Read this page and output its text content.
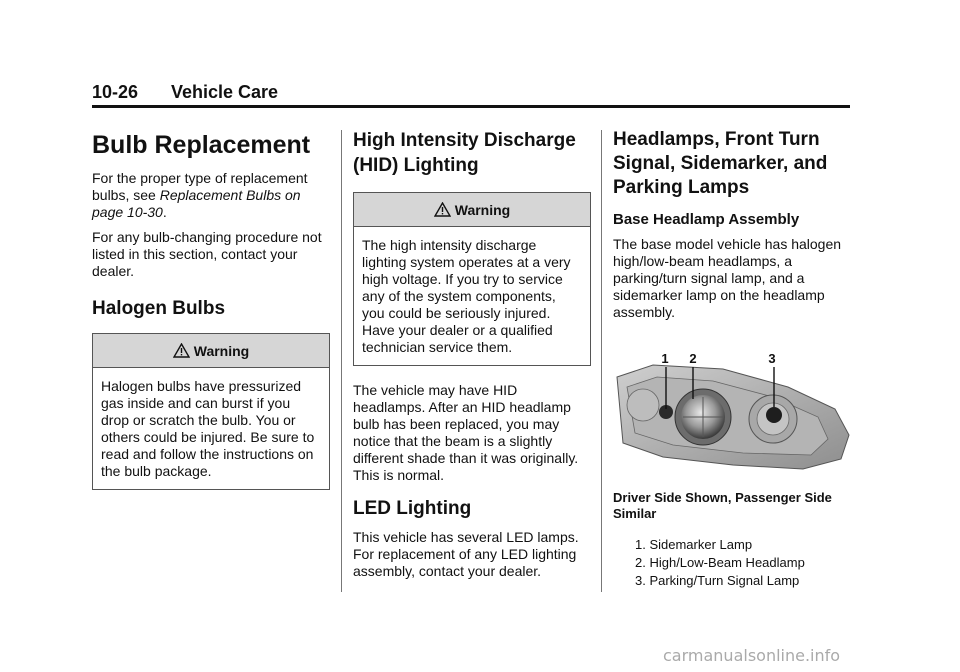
10-26 Vehicle Care
Bulb Replacement

For the proper type of replacement bulbs, see Replacement Bulbs on page 10-30.

For any bulb-changing procedure not listed in this section, contact your dealer.

Halogen Bulbs
Warning

Halogen bulbs have pressurized gas inside and can burst if you drop or scratch the bulb. You or others could be injured. Be sure to read and follow the instructions on the bulb package.

High Intensity Discharge (HID) Lighting
Warning

The high intensity discharge lighting system operates at a very high voltage. If you try to service any of the system components, you could be seriously injured. Have your dealer or a qualified technician service them.

The vehicle may have HID headlamps. After an HID headlamp bulb has been replaced, you may notice that the beam is a slightly different shade than it was originally. This is normal.

LED Lighting

This vehicle has several LED lamps. For replacement of any LED lighting assembly, contact your dealer.

Headlamps, Front Turn Signal, Sidemarker, and Parking Lamps
Base Headlamp Assembly

The base model vehicle has halogen high/low-beam headlamps, a parking/turn signal lamp, and a sidemarker lamp on the headlamp assembly.

1 2	3

Driver Side Shown, Passenger Side Similar

1. Sidemarker Lamp
2. High/Low-Beam Headlamp
3. Parking/Turn Signal Lamp
carmanualsonline.info
